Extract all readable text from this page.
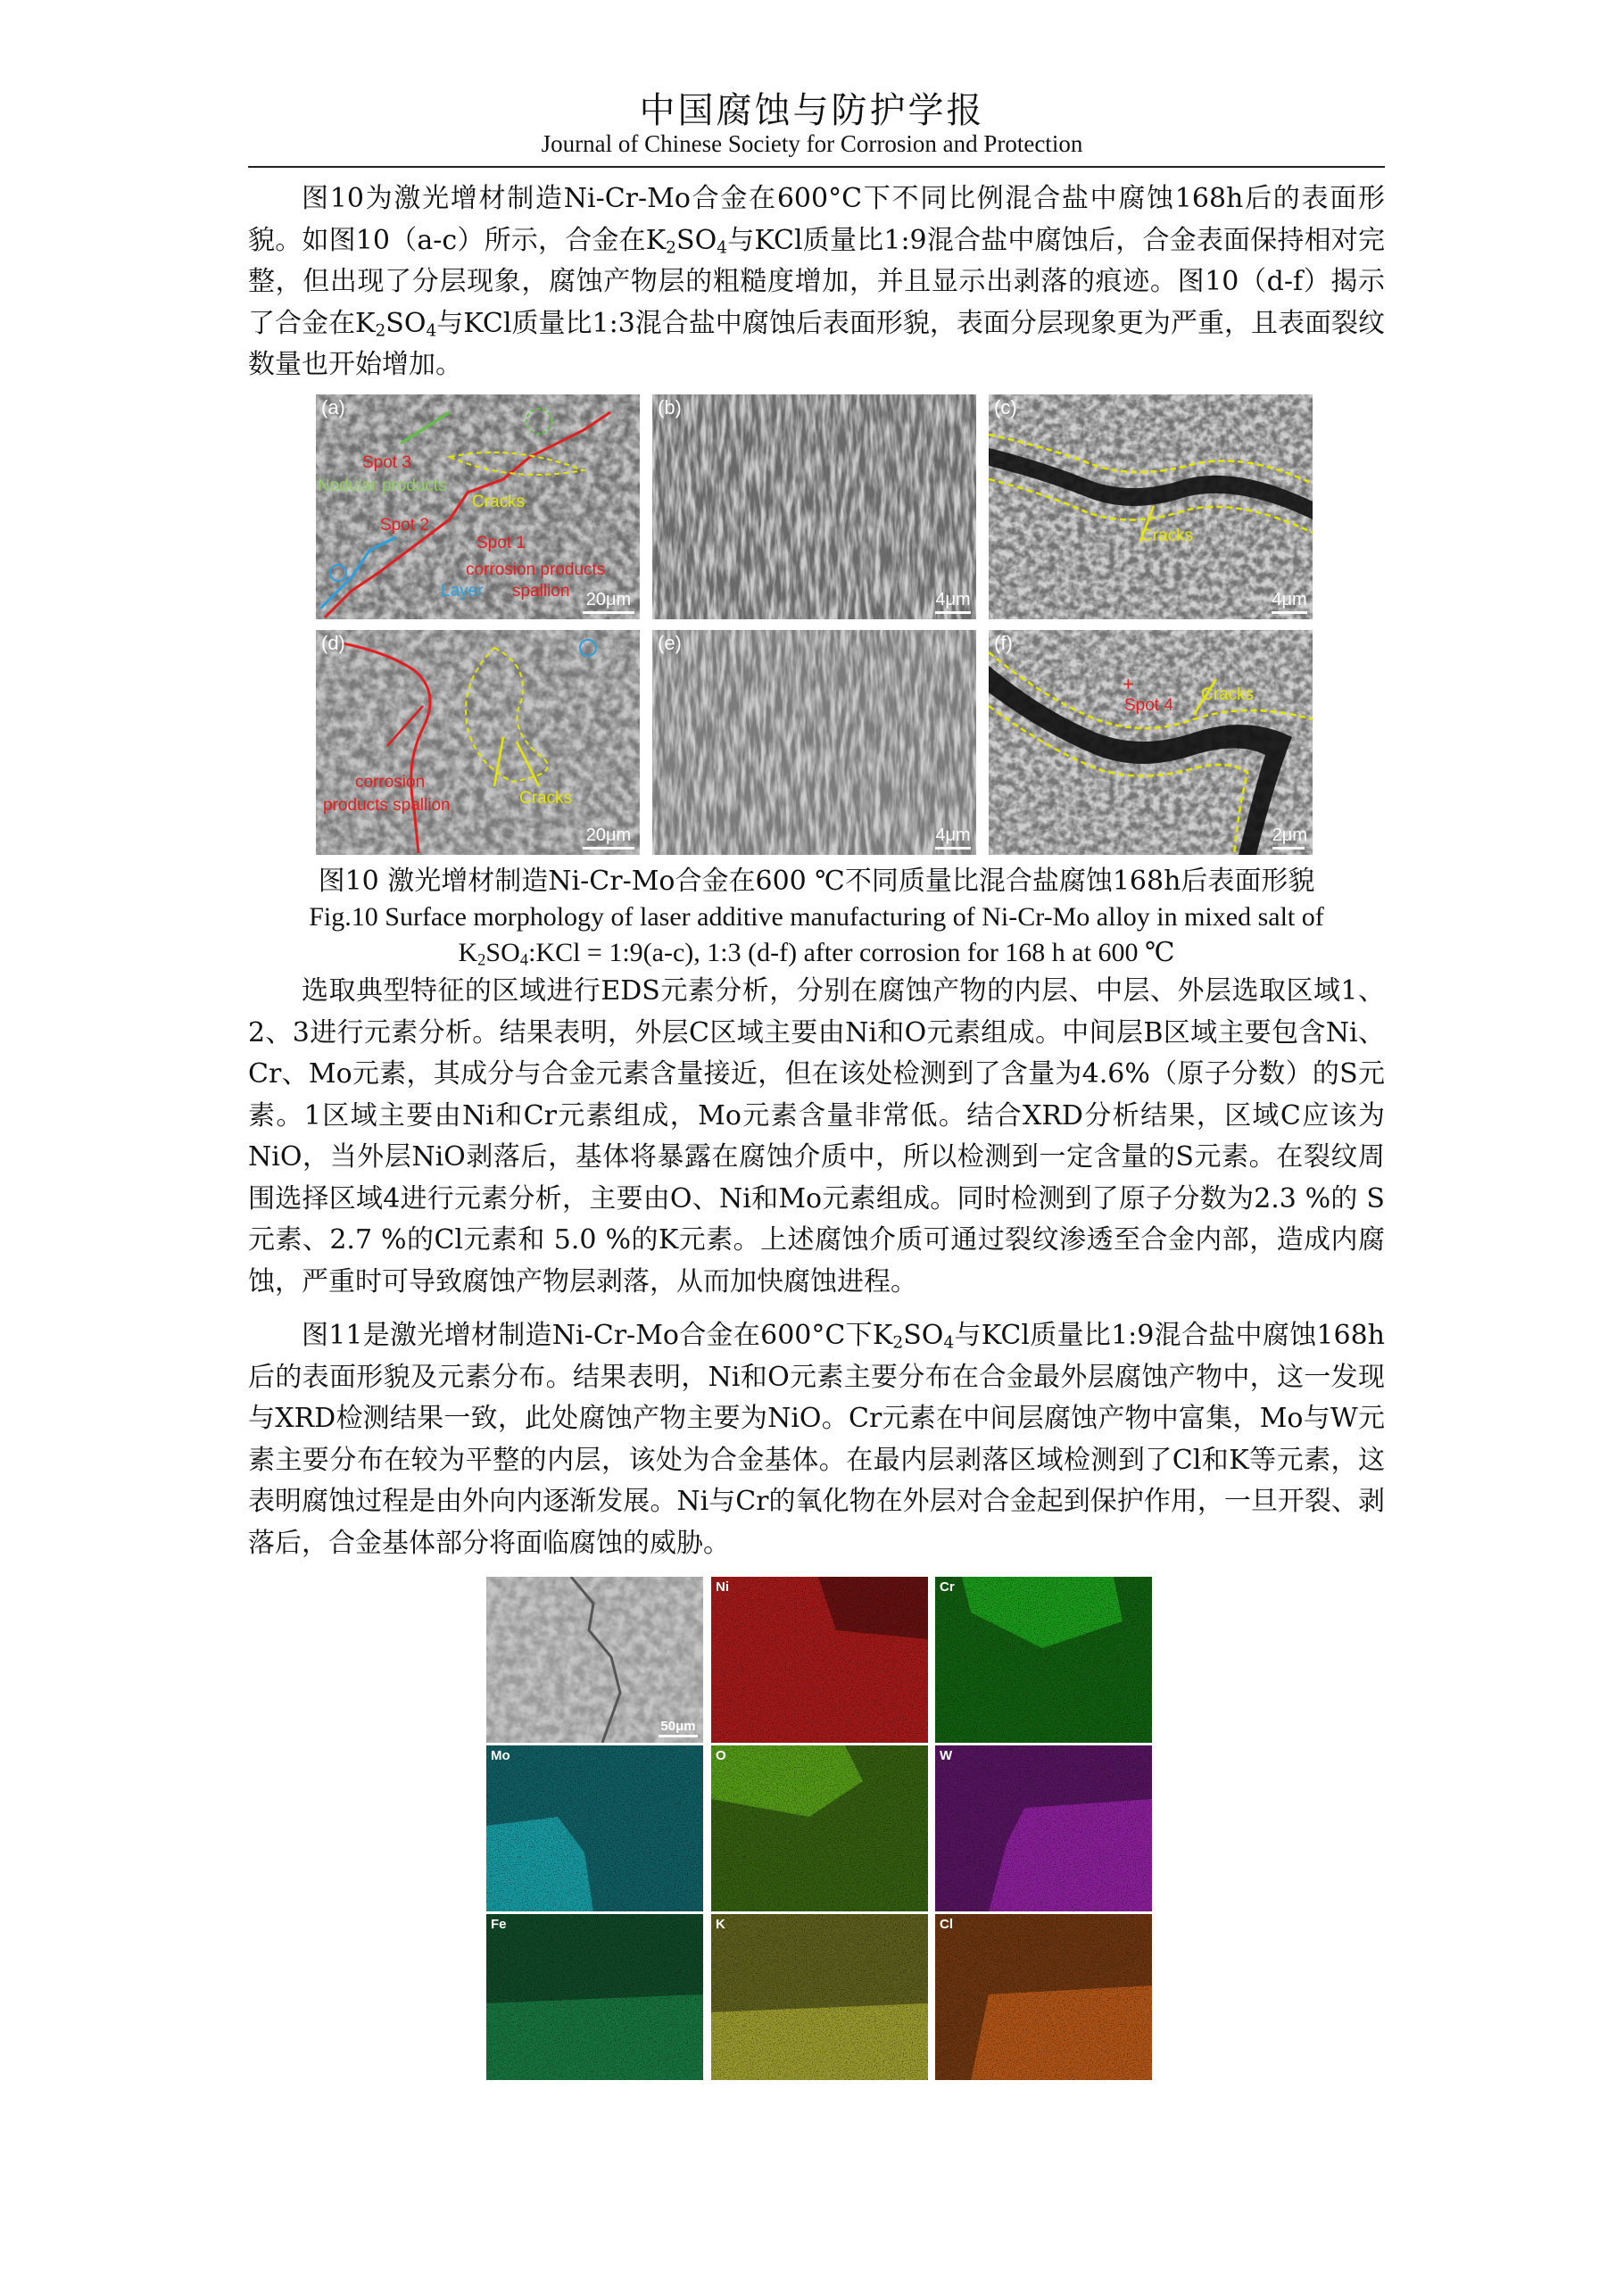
中国腐蚀与防护学报
Journal of Chinese Society for Corrosion and Protection

图10为激光增材制造Ni-Cr-Mo合金在600°C下不同比例混合盐中腐蚀168h后的表面形貌。如图10（a-c）所示，合金在$K_2SO_4$与KCl质量比1:9混合盐中腐蚀后，合金表面保持相对完整，但出现了分层现象，腐蚀产物层的粗糙度增加，并且显示出剥落的痕迹。图10（d-f）揭示了合金在$K_2SO_4$与KCl质量比1:3混合盐中腐蚀后表面形貌，表面分层现象更为严重，且表面裂纹数量也开始增加。

(a)
Spot 3
Nodular products
Cracks
Spot 2
Spot 1
corrosion products
spallion
Layer	20μm
(b)
4μm
(c)
Cracks
4μm
(d)
corrosion
products spallion	Cracks
20μm
(e)
4μm
(f)
+
Spot 4
Cracks
2μm
图10 激光增材制造Ni-Cr-Mo合金在600 ℃不同质量比混合盐腐蚀168h后表面形貌
Fig.10 Surface morphology of laser additive manufacturing of Ni-Cr-Mo alloy in mixed salt of
$K_2SO_4:KCl$ = 1:9(a-c), 1:3 (d-f) after corrosion for 168 h at 600 ℃

选取典型特征的区域进行EDS元素分析，分别在腐蚀产物的内层、中层、外层选取区域1、2、3进行元素分析。结果表明，外层C区域主要由Ni和O元素组成。中间层B区域主要包含Ni、Cr、Mo元素，其成分与合金元素含量接近，但在该处检测到了含量为4.6%（原子分数）的S元素。1区域主要由Ni和Cr元素组成，Mo元素含量非常低。结合XRD分析结果，区域C应该为NiO，当外层NiO剥落后，基体将暴露在腐蚀介质中，所以检测到一定含量的S元素。在裂纹周围选择区域4进行元素分析，主要由O、Ni和Mo元素组成。同时检测到了原子分数为2.3 %的 S元素、2.7 %的Cl元素和 5.0 %的K元素。上述腐蚀介质可通过裂纹渗透至合金内部，造成内腐蚀，严重时可导致腐蚀产物层剥落，从而加快腐蚀进程。

图11是激光增材制造Ni-Cr-Mo合金在600°C下$K_2SO_4$与KCl质量比1:9混合盐中腐蚀168h后的表面形貌及元素分布。结果表明，Ni和O元素主要分布在合金最外层腐蚀产物中，这一发现与XRD检测结果一致，此处腐蚀产物主要为NiO。Cr元素在中间层腐蚀产物中富集，Mo与W元素主要分布在较为平整的内层，该处为合金基体。在最内层剥落区域检测到了Cl和K等元素，这表明腐蚀过程是由外向内逐渐发展。Ni与Cr的氧化物在外层对合金起到保护作用，一旦开裂、剥落后，合金基体部分将面临腐蚀的威胁。

50μm
Ni	Cr
Mo	O	W
Fe	K	Cl
